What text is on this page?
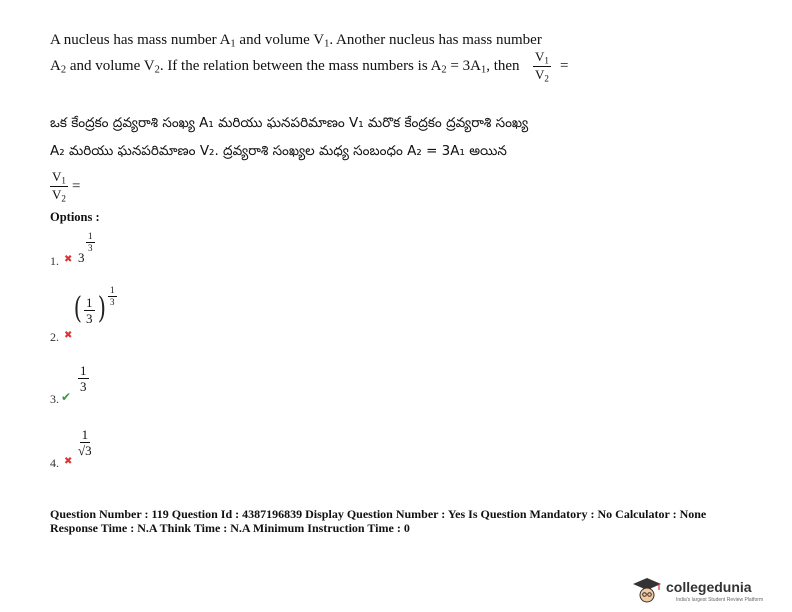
A nucleus has mass number $A_1$ and volume $V_1$. Another nucleus has mass number
$A_2$ and volume $V_2$. If the relation between the mass numbers is $A_2 = 3A_1$, then $\frac{V_1}{V_2}$ =
ఒక కేంద్రకం ద్రవ్యరాశి సంఖ్య A₁ మరియు ఘనపరిమాణం V₁ మరొక కేంద్రకం ద్రవ్యరాశి సంఖ్య
A₂ మరియు ఘనపరిమాణం V₂. ద్రవ్యరాశి సంఖ్యల మధ్య సంబంధం A₂ = 3A₁ అయిన
$\frac{V_1}{V_2}$ =
Options :
1. ✖ 3
$\frac{1}{3}$
2. ✖
( $\frac{1}{3}$ ) $\frac{1}{3}$
3. ✔
$\frac{1}{3}$
4. ✖
$\frac{1}{√3}$
Question Number : 119 Question Id : 4387196839 Display Question Number : Yes Is Question Mandatory : No Calculator : None
Response Time : N.A Think Time : N.A Minimum Instruction Time : 0
collegedunia
India's largest Student Review Platform
